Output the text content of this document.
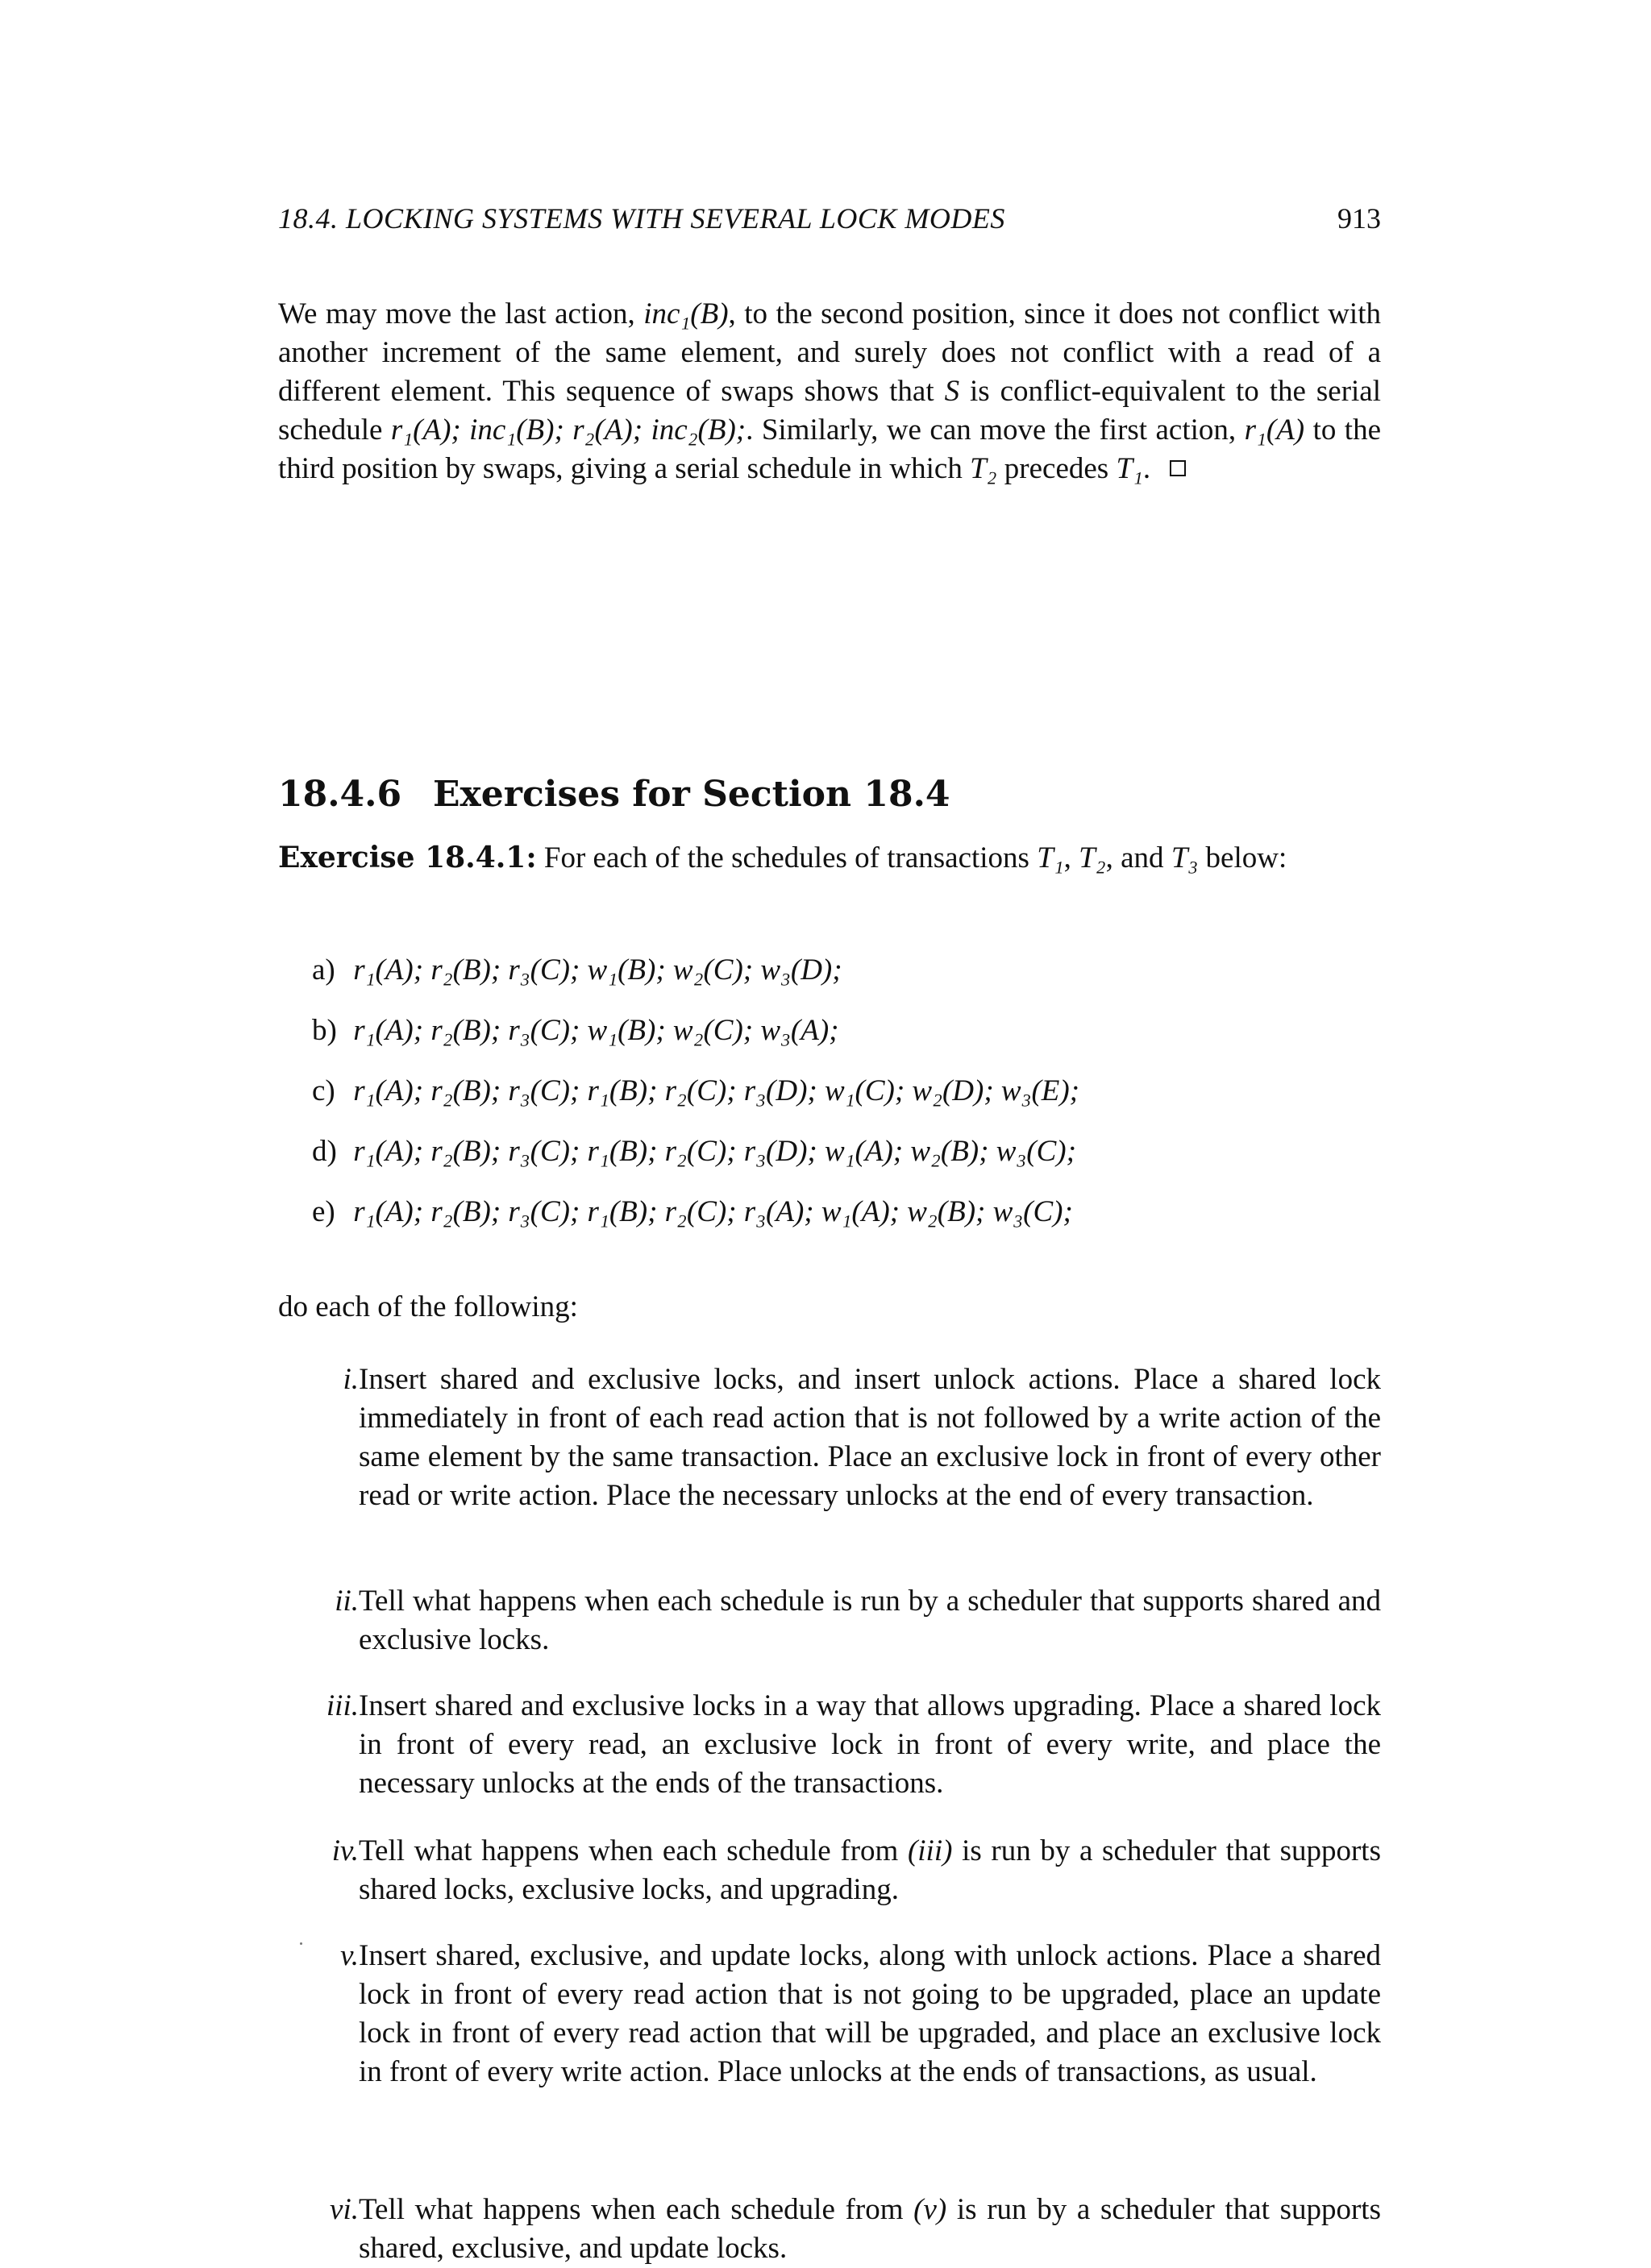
18.4. LOCKING SYSTEMS WITH SEVERAL LOCK MODES	913

We may move the last action, inc₁(B), to the second position, since it does not conflict with another increment of the same element, and surely does not conflict with a read of a different element. This sequence of swaps shows that S is conflict-equivalent to the serial schedule r₁(A); inc₁(B); r₂(A); inc₂(B);. Similarly, we can move the first action, r₁(A) to the third position by swaps, giving a serial schedule in which T₂ precedes T₁.

18.4.6 Exercises for Section 18.4
Exercise 18.4.1: For each of the schedules of transactions T₁, T₂, and T₃ below:
a) r₁(A); r₂(B); r₃(C); w₁(B); w₂(C); w₃(D);
b) r₁(A); r₂(B); r₃(C); w₁(B); w₂(C); w₃(A);
c) r₁(A); r₂(B); r₃(C); r₁(B); r₂(C); r₃(D); w₁(C); w₂(D); w₃(E);
d) r₁(A); r₂(B); r₃(C); r₁(B); r₂(C); r₃(D); w₁(A); w₂(B); w₃(C);
e) r₁(A); r₂(B); r₃(C); r₁(B); r₂(C); r₃(A); w₁(A); w₂(B); w₃(C);
do each of the following:
i. Insert shared and exclusive locks, and insert unlock actions. Place a shared lock immediately in front of each read action that is not followed by a write action of the same element by the same transaction. Place an exclusive lock in front of every other read or write action. Place the necessary unlocks at the end of every transaction.
ii. Tell what happens when each schedule is run by a scheduler that supports shared and exclusive locks.
iii. Insert shared and exclusive locks in a way that allows upgrading. Place a shared lock in front of every read, an exclusive lock in front of every write, and place the necessary unlocks at the ends of the transactions.
iv. Tell what happens when each schedule from (iii) is run by a scheduler that supports shared locks, exclusive locks, and upgrading.
v. Insert shared, exclusive, and update locks, along with unlock actions. Place a shared lock in front of every read action that is not going to be upgraded, place an update lock in front of every read action that will be upgraded, and place an exclusive lock in front of every write action. Place unlocks at the ends of transactions, as usual.
vi. Tell what happens when each schedule from (v) is run by a scheduler that supports shared, exclusive, and update locks.
